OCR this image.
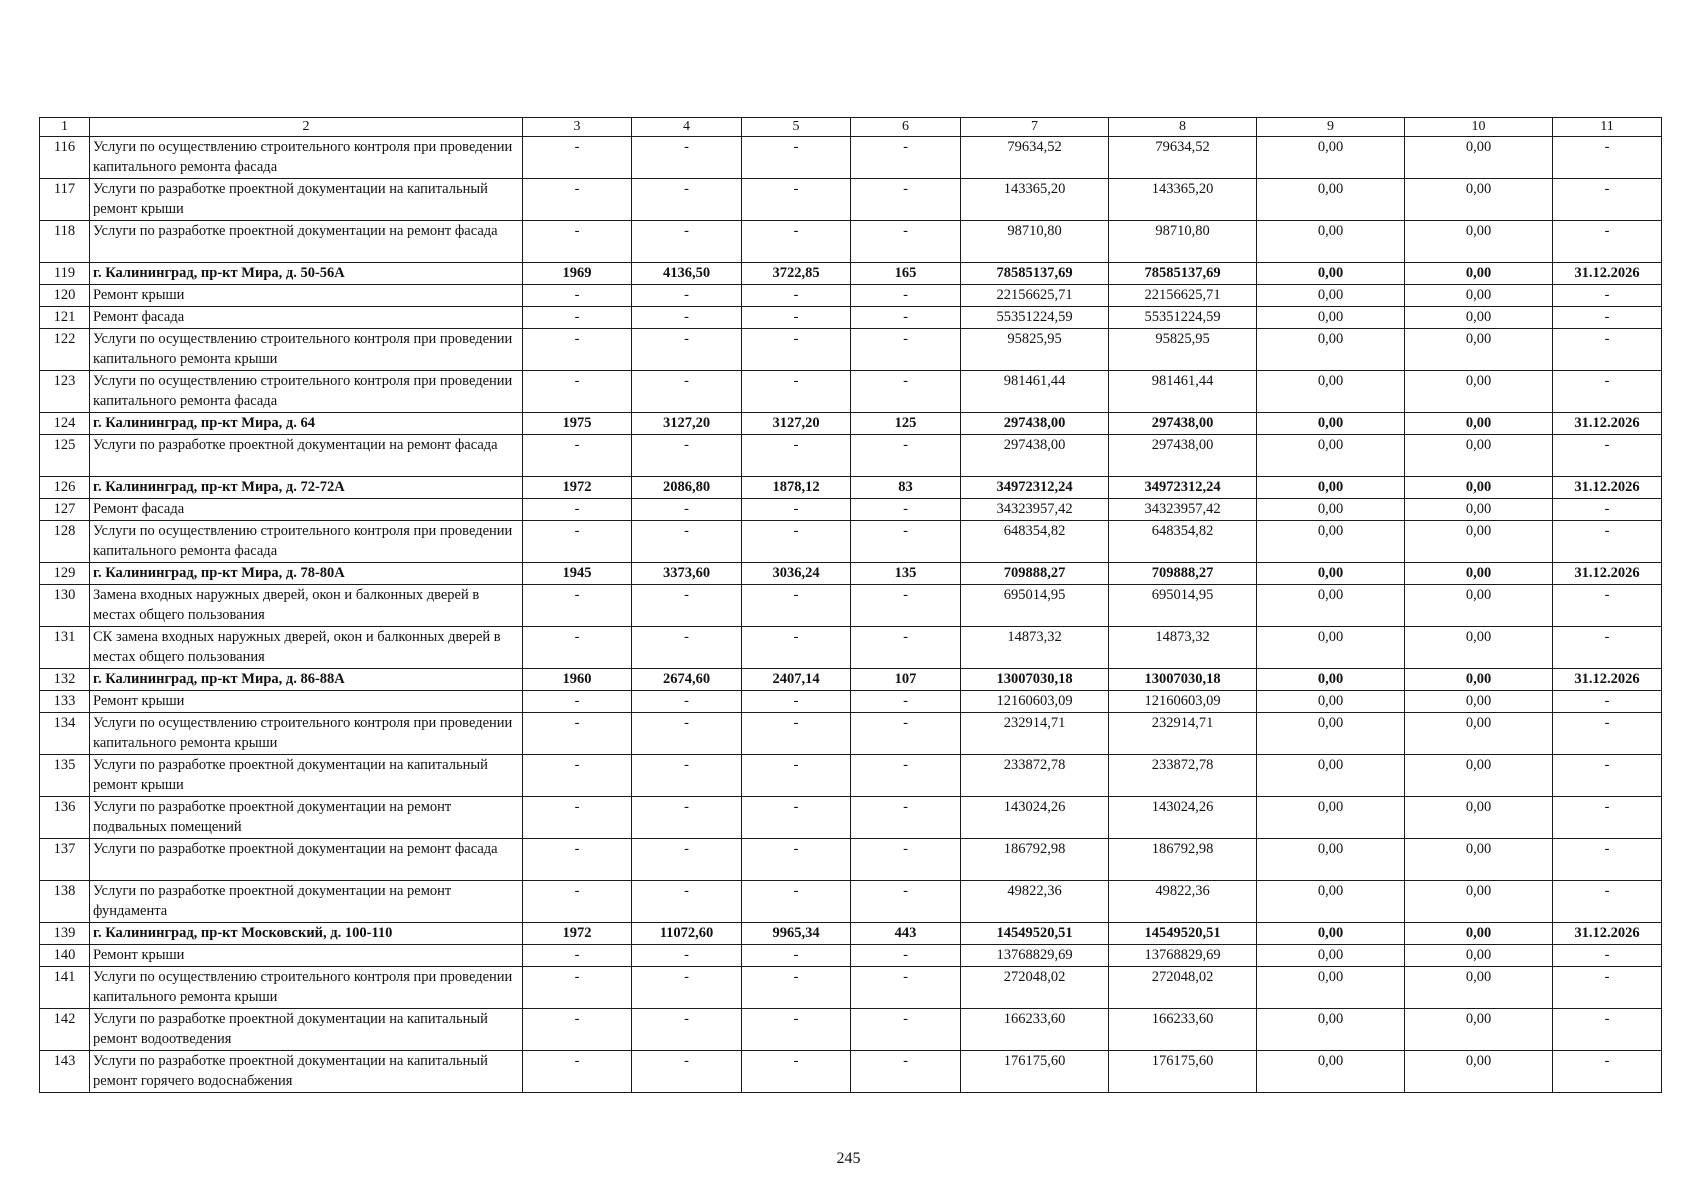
1	2	3	4	5	6	7	8	9	10	11
116	Услуги по осуществлению строительного контроля при проведении капитального ремонта фасада	-	-	-	-	79634,52	79634,52	0,00	0,00	-
117	Услуги по разработке проектной документации на капитальный ремонт крыши	-	-	-	-	143365,20	143365,20	0,00	0,00	-
118	Услуги по разработке проектной документации на ремонт фасада	-	-	-	-	98710,80	98710,80	0,00	0,00	-
119	г. Калининград, пр-кт Мира, д. 50-56А	1969	4136,50	3722,85	165	78585137,69	78585137,69	0,00	0,00	31.12.2026
120	Ремонт крыши	-	-	-	-	22156625,71	22156625,71	0,00	0,00	-
121	Ремонт фасада	-	-	-	-	55351224,59	55351224,59	0,00	0,00	-
122	Услуги по осуществлению строительного контроля при проведении капитального ремонта крыши	-	-	-	-	95825,95	95825,95	0,00	0,00	-
123	Услуги по осуществлению строительного контроля при проведении капитального ремонта фасада	-	-	-	-	981461,44	981461,44	0,00	0,00	-
124	г. Калининград, пр-кт Мира, д. 64	1975	3127,20	3127,20	125	297438,00	297438,00	0,00	0,00	31.12.2026
125	Услуги по разработке проектной документации на ремонт фасада	-	-	-	-	297438,00	297438,00	0,00	0,00	-
126	г. Калининград, пр-кт Мира, д. 72-72А	1972	2086,80	1878,12	83	34972312,24	34972312,24	0,00	0,00	31.12.2026
127	Ремонт фасада	-	-	-	-	34323957,42	34323957,42	0,00	0,00	-
128	Услуги по осуществлению строительного контроля при проведении капитального ремонта фасада	-	-	-	-	648354,82	648354,82	0,00	0,00	-
129	г. Калининград, пр-кт Мира, д. 78-80А	1945	3373,60	3036,24	135	709888,27	709888,27	0,00	0,00	31.12.2026
130	Замена входных наружных дверей, окон и балконных дверей в местах общего пользования	-	-	-	-	695014,95	695014,95	0,00	0,00	-
131	СК замена входных наружных дверей, окон и балконных дверей в местах общего пользования	-	-	-	-	14873,32	14873,32	0,00	0,00	-
132	г. Калининград, пр-кт Мира, д. 86-88А	1960	2674,60	2407,14	107	13007030,18	13007030,18	0,00	0,00	31.12.2026
133	Ремонт крыши	-	-	-	-	12160603,09	12160603,09	0,00	0,00	-
134	Услуги по осуществлению строительного контроля при проведении капитального ремонта крыши	-	-	-	-	232914,71	232914,71	0,00	0,00	-
135	Услуги по разработке проектной документации на капитальный ремонт крыши	-	-	-	-	233872,78	233872,78	0,00	0,00	-
136	Услуги по разработке проектной документации на ремонт подвальных помещений	-	-	-	-	143024,26	143024,26	0,00	0,00	-
137	Услуги по разработке проектной документации на ремонт фасада	-	-	-	-	186792,98	186792,98	0,00	0,00	-
138	Услуги по разработке проектной документации на ремонт фундамента	-	-	-	-	49822,36	49822,36	0,00	0,00	-
139	г. Калининград, пр-кт Московский, д. 100-110	1972	11072,60	9965,34	443	14549520,51	14549520,51	0,00	0,00	31.12.2026
140	Ремонт крыши	-	-	-	-	13768829,69	13768829,69	0,00	0,00	-
141	Услуги по осуществлению строительного контроля при проведении капитального ремонта крыши	-	-	-	-	272048,02	272048,02	0,00	0,00	-
142	Услуги по разработке проектной документации на капитальный ремонт водоотведения	-	-	-	-	166233,60	166233,60	0,00	0,00	-
143	Услуги по разработке проектной документации на капитальный ремонт горячего водоснабжения	-	-	-	-	176175,60	176175,60	0,00	0,00	-
245
